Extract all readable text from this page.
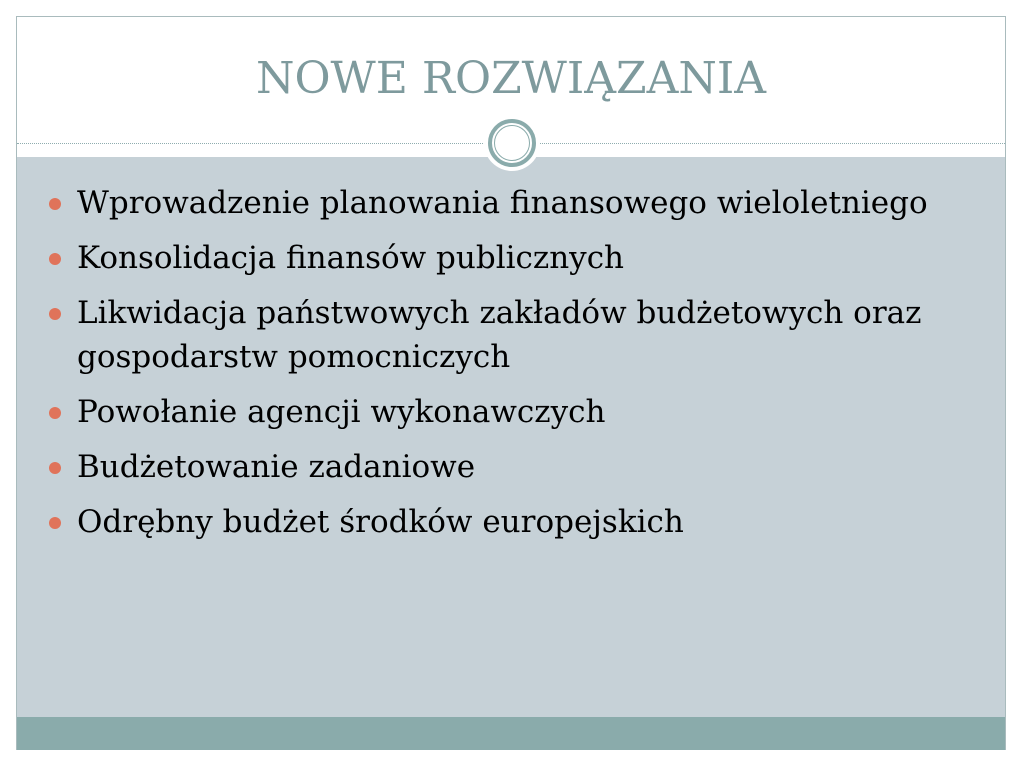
NOWE ROZWIĄZANIA
Wprowadzenie planowania finansowego wieloletniego
Konsolidacja finansów publicznych
Likwidacja państwowych zakładów budżetowych oraz gospodarstw pomocniczych
Powołanie agencji wykonawczych
Budżetowanie zadaniowe
Odrębny budżet środków europejskich
